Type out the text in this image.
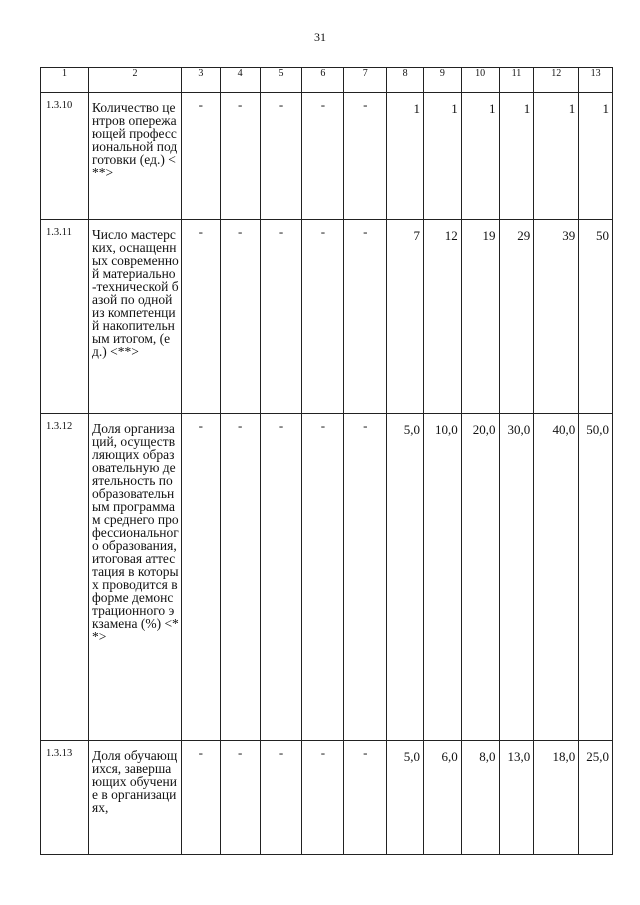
31
1	2	3	4	5	6	7	8	9	10	11	12	13
1.3.10	Количество центров опережающей профессиональной подготовки (ед.) <**>	-	-	-	-	-	1	1	1	1	1	1
1.3.11	Число мастерских, оснащенных современной материально-технической базой по одной из компетенций накопительным итогом, (ед.) <**>	-	-	-	-	-	7	12	19	29	39	50
1.3.12	Доля организаций, осуществляющих образовательную деятельность по образовательным программам среднего профессионального образования, итоговая аттестация в которых проводится в форме демонстрационного экзамена (%) <**>	-	-	-	-	-	5,0	10,0	20,0	30,0	40,0	50,0
1.3.13	Доля обучающихся, завершающих обучение в организациях,	-	-	-	-	-	5,0	6,0	8,0	13,0	18,0	25,0
